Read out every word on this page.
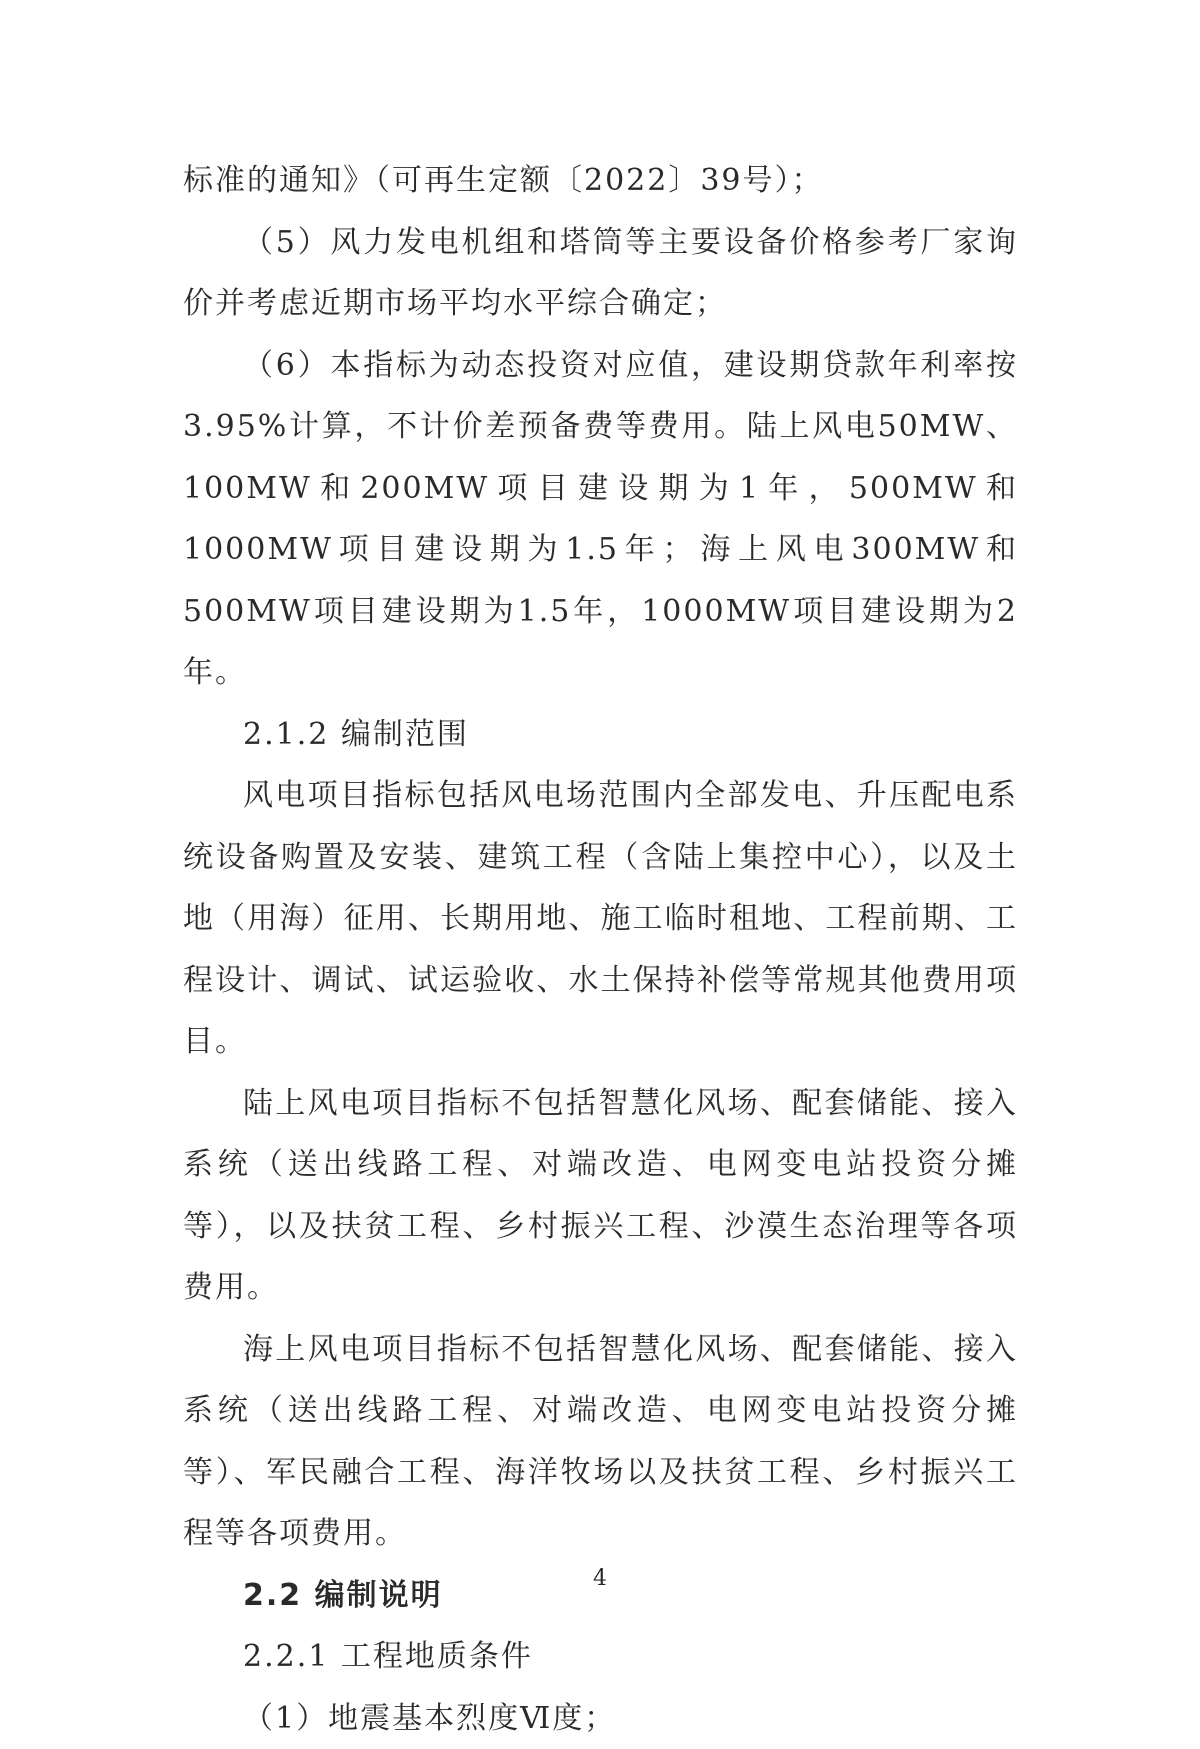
标准的通知》（可再生定额〔2022〕39号）；

（5）风力发电机组和塔筒等主要设备价格参考厂家询价并考虑近期市场平均水平综合确定；

（6）本指标为动态投资对应值，建设期贷款年利率按3.95%计算，不计价差预备费等费用。陆上风电50MW、100MW和200MW项目建设期为1年，500MW和1000MW项目建设期为1.5年；海上风电300MW和500MW项目建设期为1.5年，1000MW项目建设期为2年。

2.1.2 编制范围

风电项目指标包括风电场范围内全部发电、升压配电系统设备购置及安装、建筑工程（含陆上集控中心），以及土地（用海）征用、长期用地、施工临时租地、工程前期、工程设计、调试、试运验收、水土保持补偿等常规其他费用项目。

陆上风电项目指标不包括智慧化风场、配套储能、接入系统（送出线路工程、对端改造、电网变电站投资分摊等），以及扶贫工程、乡村振兴工程、沙漠生态治理等各项费用。

海上风电项目指标不包括智慧化风场、配套储能、接入系统（送出线路工程、对端改造、电网变电站投资分摊等）、军民融合工程、海洋牧场以及扶贫工程、乡村振兴工程等各项费用。

2.2 编制说明

2.2.1 工程地质条件

（1）地震基本烈度Ⅵ度；

4
